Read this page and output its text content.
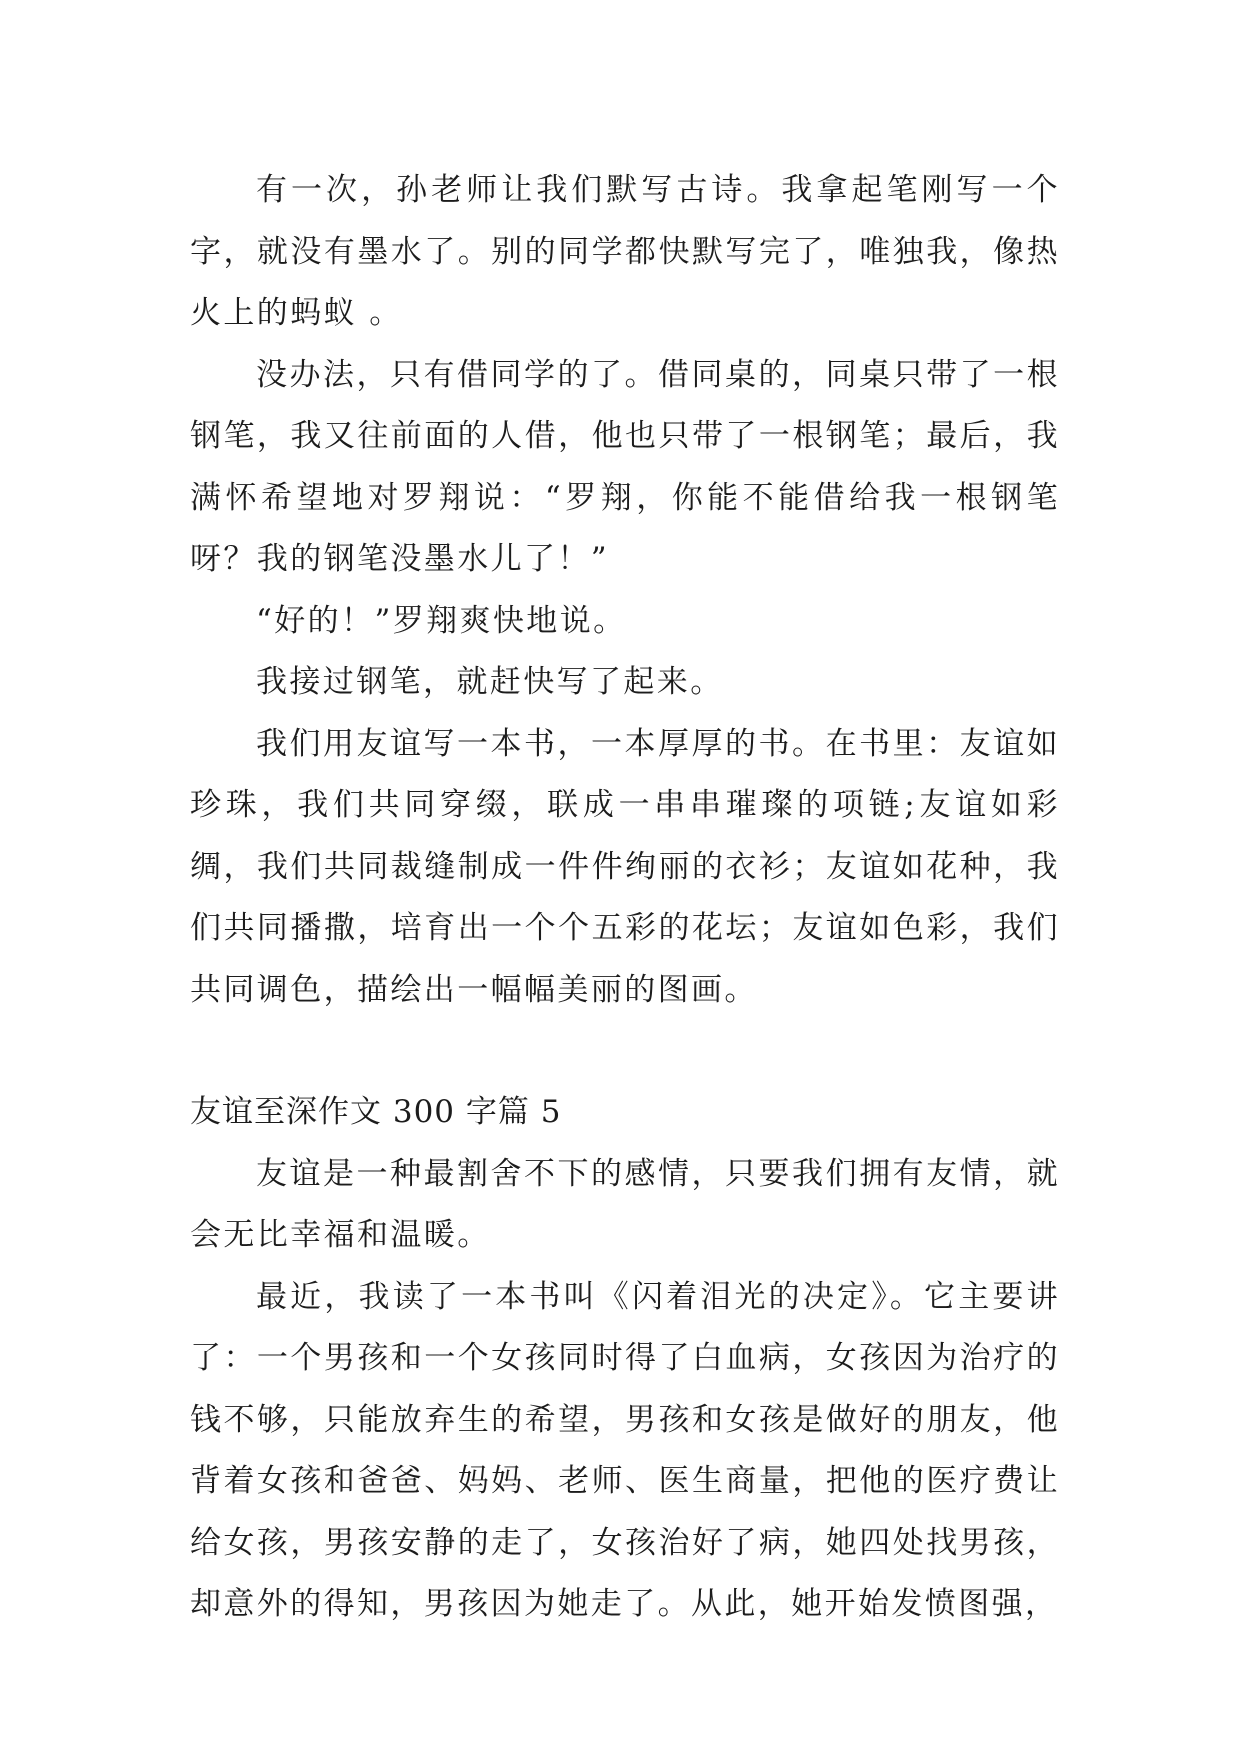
有一次，孙老师让我们默写古诗。我拿起笔刚写一个字，就没有墨水了。别的同学都快默写完了，唯独我，像热火上的蚂蚁 。

没办法，只有借同学的了。借同桌的，同桌只带了一根钢笔，我又往前面的人借，他也只带了一根钢笔；最后，我满怀希望地对罗翔说：“罗翔，你能不能借给我一根钢笔呀？我的钢笔没墨水儿了！”

“好的！”罗翔爽快地说。

我接过钢笔，就赶快写了起来。

我们用友谊写一本书，一本厚厚的书。在书里：友谊如珍珠，我们共同穿缀，联成一串串璀璨的项链;友谊如彩绸，我们共同裁缝制成一件件绚丽的衣衫；友谊如花种，我们共同播撒，培育出一个个五彩的花坛；友谊如色彩，我们共同调色，描绘出一幅幅美丽的图画。

友谊至深作文 300 字篇 5

友谊是一种最割舍不下的感情，只要我们拥有友情，就会无比幸福和温暖。

最近，我读了一本书叫《闪着泪光的决定》。它主要讲了：一个男孩和一个女孩同时得了白血病，女孩因为治疗的钱不够，只能放弃生的希望，男孩和女孩是做好的朋友，他背着女孩和爸爸、妈妈、老师、医生商量，把他的医疗费让给女孩，男孩安静的走了，女孩治好了病，她四处找男孩，却意外的得知，男孩因为她走了。从此，她开始发愤图强，
